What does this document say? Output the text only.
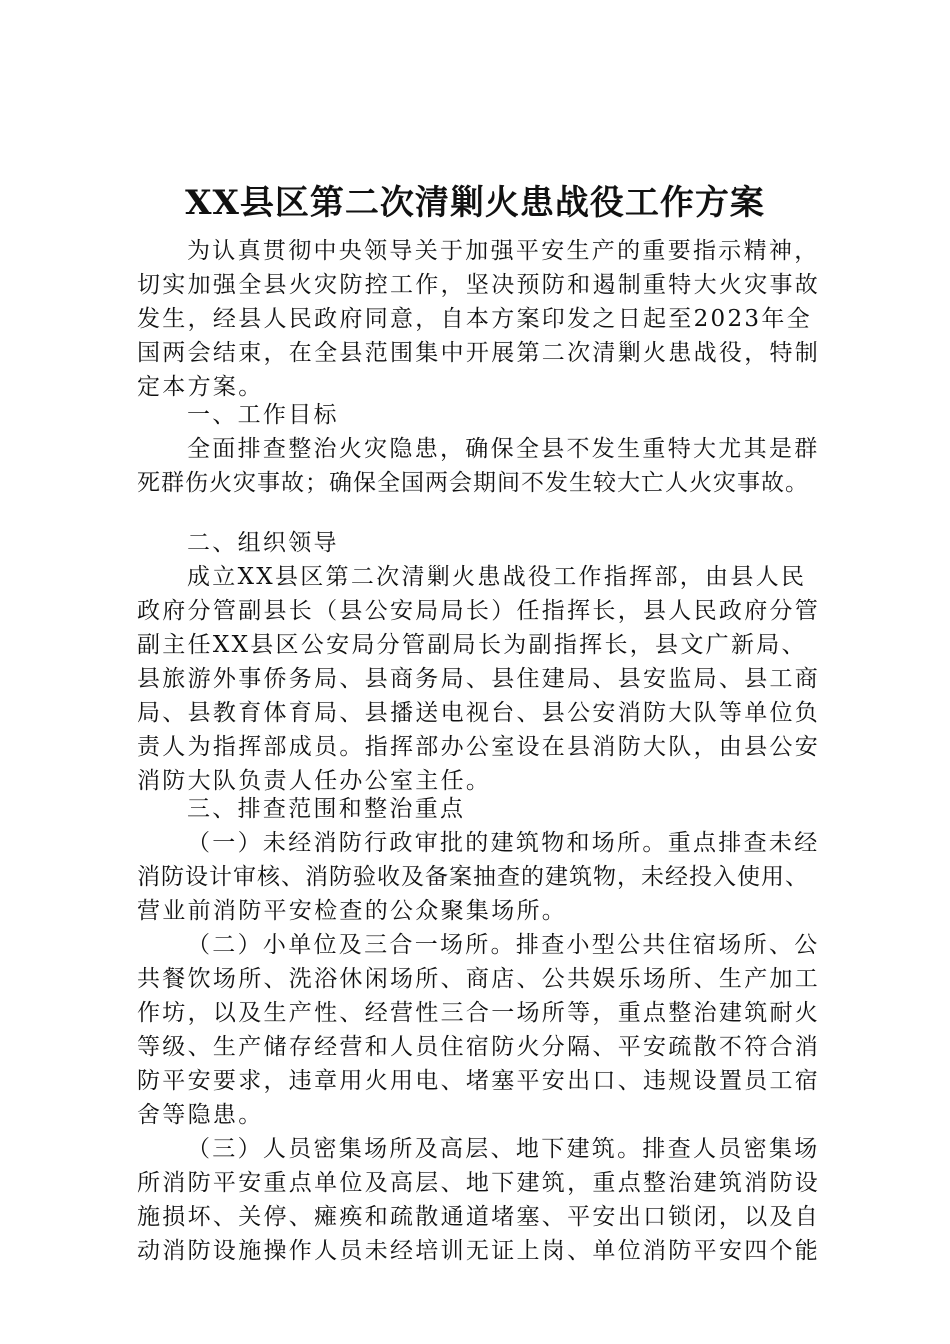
XX县区第二次清剿火患战役工作方案
为认真贯彻中央领导关于加强平安生产的重要指示精神，
切实加强全县火灾防控工作，坚决预防和遏制重特大火灾事故
发生，经县人民政府同意，自本方案印发之日起至2023年全
国两会结束，在全县范围集中开展第二次清剿火患战役，特制
定本方案。
一、工作目标
全面排查整治火灾隐患，确保全县不发生重特大尤其是群
死群伤火灾事故；确保全国两会期间不发生较大亡人火灾事故。
二、组织领导
成立XX县区第二次清剿火患战役工作指挥部，由县人民
政府分管副县长（县公安局局长）任指挥长，县人民政府分管
副主任XX县区公安局分管副局长为副指挥长，县文广新局、
县旅游外事侨务局、县商务局、县住建局、县安监局、县工商
局、县教育体育局、县播送电视台、县公安消防大队等单位负
责人为指挥部成员。指挥部办公室设在县消防大队，由县公安
消防大队负责人任办公室主任。
三、排查范围和整治重点
（一）未经消防行政审批的建筑物和场所。重点排查未经
消防设计审核、消防验收及备案抽查的建筑物，未经投入使用、
营业前消防平安检查的公众聚集场所。
（二）小单位及三合一场所。排查小型公共住宿场所、公
共餐饮场所、洗浴休闲场所、商店、公共娱乐场所、生产加工
作坊，以及生产性、经营性三合一场所等，重点整治建筑耐火
等级、生产储存经营和人员住宿防火分隔、平安疏散不符合消
防平安要求，违章用火用电、堵塞平安出口、违规设置员工宿
舍等隐患。
（三）人员密集场所及高层、地下建筑。排查人员密集场
所消防平安重点单位及高层、地下建筑，重点整治建筑消防设
施损坏、关停、瘫痪和疏散通道堵塞、平安出口锁闭，以及自
动消防设施操作人员未经培训无证上岗、单位消防平安四个能
